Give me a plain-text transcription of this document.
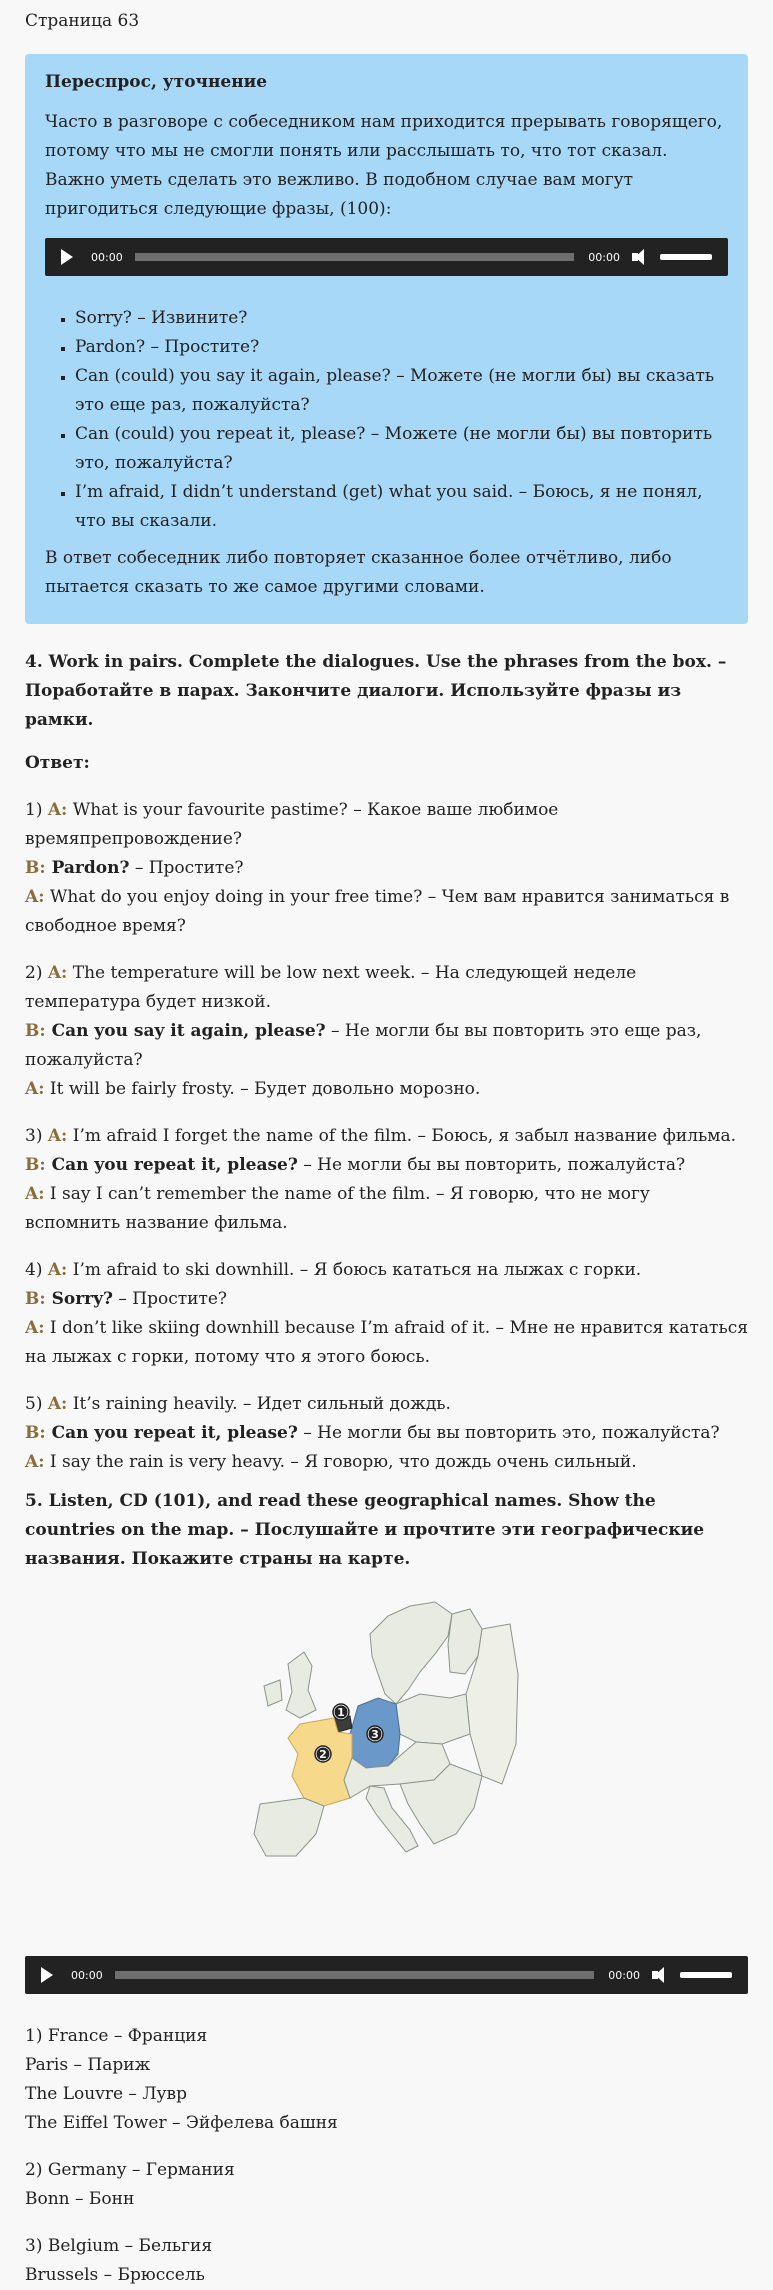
Страница 63
Переспрос, уточнение

Часто в разговоре с собеседником нам приходится прерывать говорящего, потому что мы не смогли понять или расслышать то, что тот сказал. Важно уметь сделать это вежливо. В подобном случае вам могут пригодиться следующие фразы, (100):

00:00	00:00
▪ Sorry? – Извините?
▪ Pardon? – Простите?
▪ Can (could) you say it again, please? – Можете (не могли бы) вы сказать это еще раз, пожалуйста?
▪ Can (could) you repeat it, please? – Можете (не могли бы) вы повторить это, пожалуйста?
▪ I’m afraid, I didn’t understand (get) what you said. – Боюсь, я не понял, что вы сказали.

В ответ собеседник либо повторяет сказанное более отчётливо, либо пытается сказать то же самое другими словами.

4. Work in pairs. Complete the dialogues. Use the phrases from the box. – Поработайте в парах. Закончите диалоги. Используйте фразы из рамки.
Ответ:
1) A: What is your favourite pastime? – Какое ваше любимое времяпрепровождение?
B: Pardon? – Простите?
A: What do you enjoy doing in your free time? – Чем вам нравится заниматься в свободное время?
2) A: The temperature will be low next week. – На следующей неделе температура будет низкой.
B: Can you say it again, please? – Не могли бы вы повторить это еще раз, пожалуйста?
A: It will be fairly frosty. – Будет довольно морозно.
3) A: I’m afraid I forget the name of the film. – Боюсь, я забыл название фильма.
B: Can you repeat it, please? – Не могли бы вы повторить, пожалуйста?
A: I say I can’t remember the name of the film. – Я говорю, что не могу вспомнить название фильма.
4) A: I’m afraid to ski downhill. – Я боюсь кататься на лыжах с горки.
B: Sorry? – Простите?
A: I don’t like skiing downhill because I’m afraid of it. – Мне не нравится кататься на лыжах с горки, потому что я этого боюсь.
5) A: It’s raining heavily. – Идет сильный дождь.
B: Can you repeat it, please? – Не могли бы вы повторить это, пожалуйста?
A: I say the rain is very heavy. – Я говорю, что дождь очень сильный.
5. Listen, CD (101), and read these geographical names. Show the countries on the map. – Послушайте и прочтите эти географические названия. Покажите страны на карте.
1
2
3
00:00	00:00
1) France – Франция
Paris – Париж
The Louvre – Лувр
The Eiffel Tower – Эйфелева башня
2) Germany – Германия
Bonn – Бонн
3) Belgium – Бельгия
Brussels – Брюссель
